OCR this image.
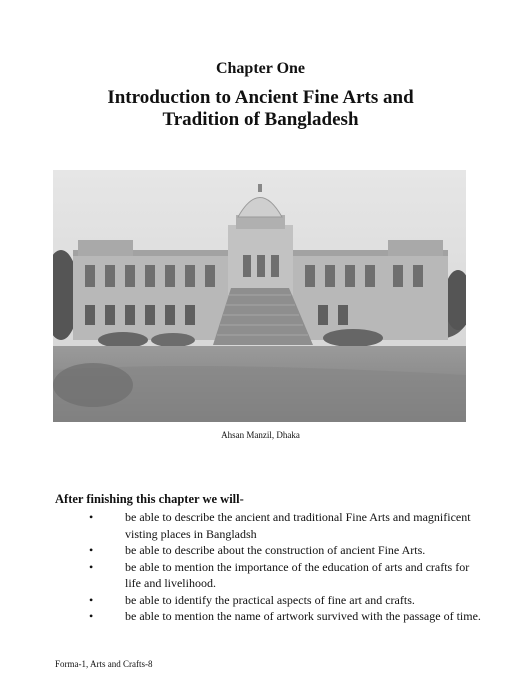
Chapter One
Introduction to Ancient Fine Arts and
Tradition of Bangladesh
Ahsan Manzil, Dhaka
After finishing this chapter we will-
•	be able to describe the ancient and traditional Fine Arts and magnificent visting places in Bangladsh
•	be able to describe about the construction of ancient Fine Arts.
•	be able to mention the importance of the education of arts and crafts for life and livelihood.
•	be able to identify the practical aspects of fine art and crafts.
•	be able to mention the name of artwork survived with the passage of time.
Forma-1, Arts and Crafts-8
